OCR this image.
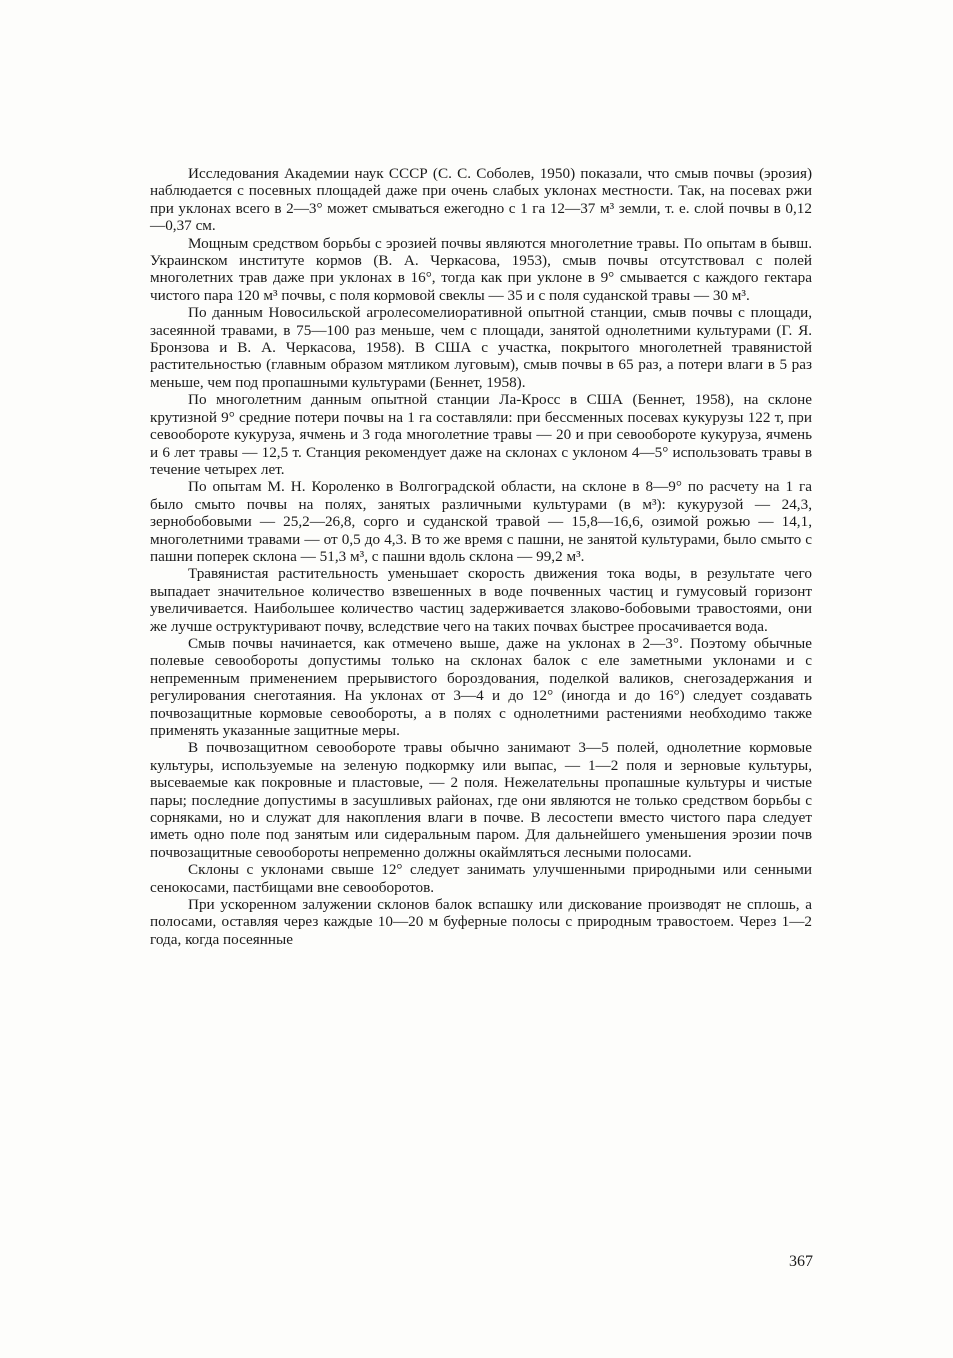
Исследования Академии наук СССР (С. С. Соболев, 1950) показали, что смыв почвы (эрозия) наблюдается с посевных площадей даже при очень слабых уклонах местности. Так, на посевах ржи при уклонах всего в 2—3° может смываться ежегодно с 1 га 12—37 м³ земли, т. е. слой почвы в 0,12—0,37 см.

Мощным средством борьбы с эрозией почвы являются многолетние травы. По опытам в бывш. Украинском институте кормов (В. А. Черкасова, 1953), смыв почвы отсутствовал с полей многолетних трав даже при уклонах в 16°, тогда как при уклоне в 9° смывается с каждого гектара чистого пара 120 м³ почвы, с поля кормовой свеклы — 35 и с поля суданской травы — 30 м³.

По данным Новосильской агролесомелиоративной опытной станции, смыв почвы с площади, засеянной травами, в 75—100 раз меньше, чем с площади, занятой однолетними культурами (Г. Я. Бронзова и В. А. Черкасова, 1958). В США с участка, покрытого многолетней травянистой растительностью (главным образом мятликом луговым), смыв почвы в 65 раз, а потери влаги в 5 раз меньше, чем под пропашными культурами (Беннет, 1958).

По многолетним данным опытной станции Ла-Кросс в США (Беннет, 1958), на склоне крутизной 9° средние потери почвы на 1 га составляли: при бессменных посевах кукурузы 122 т, при севообороте кукуруза, ячмень и 3 года многолетние травы — 20 и при севообороте кукуруза, ячмень и 6 лет травы — 12,5 т. Станция рекомендует даже на склонах с уклоном 4—5° использовать травы в течение четырех лет.

По опытам М. Н. Короленко в Волгоградской области, на склоне в 8—9° по расчету на 1 га было смыто почвы на полях, занятых различными культурами (в м³): кукурузой — 24,3, зернобобовыми — 25,2—26,8, сорго и суданской травой — 15,8—16,6, озимой рожью — 14,1, многолетними травами — от 0,5 до 4,3. В то же время с пашни, не занятой культурами, было смыто с пашни поперек склона — 51,3 м³, с пашни вдоль склона — 99,2 м³.

Травянистая растительность уменьшает скорость движения тока воды, в результате чего выпадает значительное количество взвешенных в воде почвенных частиц и гумусовый горизонт увеличивается. Наибольшее количество частиц задерживается злаково-бобовыми травостоями, они же лучше оструктуривают почву, вследствие чего на таких почвах быстрее просачивается вода.

Смыв почвы начинается, как отмечено выше, даже на уклонах в 2—3°. Поэтому обычные полевые севообороты допустимы только на склонах балок с еле заметными уклонами и с непременным применением прерывистого бороздования, поделкой валиков, снегозадержания и регулирования снеготаяния. На уклонах от 3—4 и до 12° (иногда и до 16°) следует создавать почвозащитные кормовые севообороты, а в полях с однолетними растениями необходимо также применять указанные защитные меры.

В почвозащитном севообороте травы обычно занимают 3—5 полей, однолетние кормовые культуры, используемые на зеленую подкормку или выпас, — 1—2 поля и зерновые культуры, высеваемые как покровные и пластовые, — 2 поля. Нежелательны пропашные культуры и чистые пары; последние допустимы в засушливых районах, где они являются не только средством борьбы с сорняками, но и служат для накопления влаги в почве. В лесостепи вместо чистого пара следует иметь одно поле под занятым или сидеральным паром. Для дальнейшего уменьшения эрозии почв почвозащитные севообороты непременно должны окаймляться лесными полосами.

Склоны с уклонами свыше 12° следует занимать улучшенными природными или сенными сенокосами, пастбищами вне севооборотов.

При ускоренном залужении склонов балок вспашку или дискование производят не сплошь, а полосами, оставляя через каждые 10—20 м буферные полосы с природным травостоем. Через 1—2 года, когда посеянные

367
